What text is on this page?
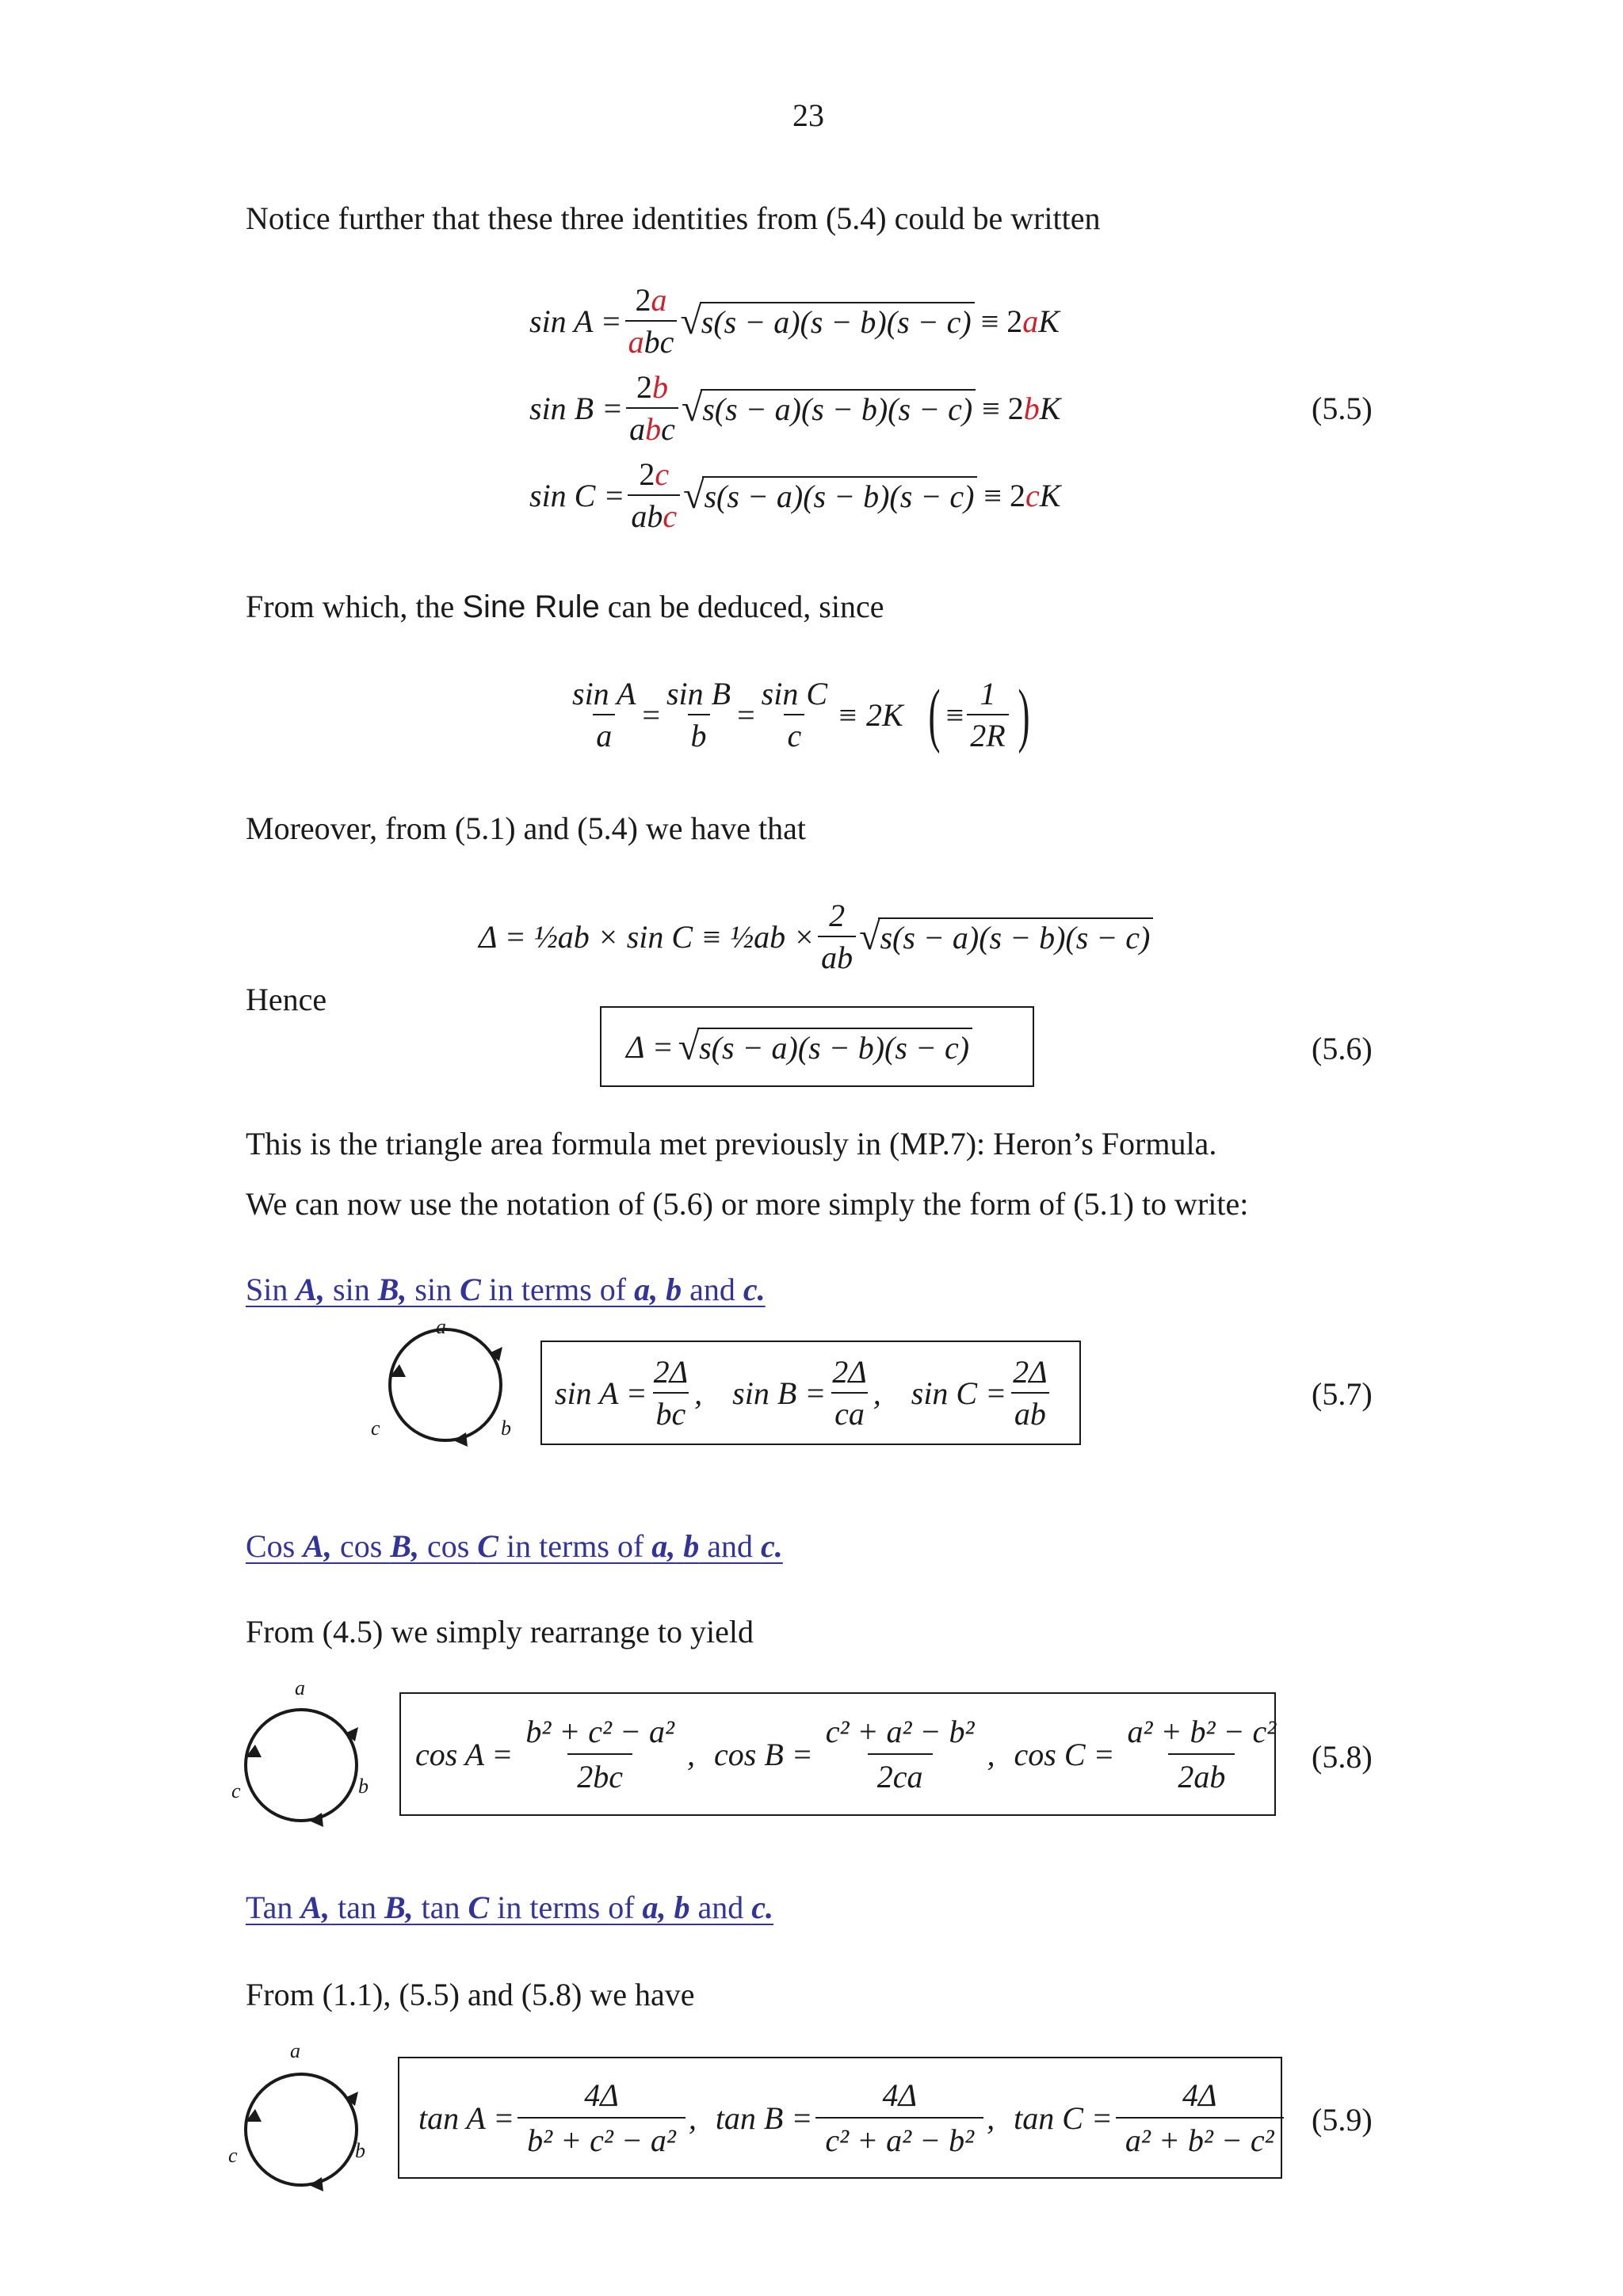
23
Notice further that these three identities from (5.4) could be written
$\sin A = \frac{2a}{\text{abc}}$ √ s(s − a)(s − b)(s − c) ≡ 2 a K
$\sin B = \frac{2b}{\text{abc}}$ √ s(s − a)(s − b)(s − c) ≡ 2 b K
$\sin C = \frac{2c}{\text{abc}}$ √ s(s − a)(s − b)(s − c) ≡ 2 c K
(5.5)
From which, the Sine Rule can be deduced, since
$\frac{\text{sin A}}{a} = \frac{\text{sin B}}{b} = \frac{\text{sin C}}{c} \equiv 2K$ ( ≡ $\frac{1}{2R}$ )
Moreover, from (5.1) and (5.4) we have that
Δ = ½ab × sin C ≡ ½ab × $\frac{2}{ab}$ √ s(s − a)(s − b)(s − c)
Hence
Δ = √ s(s − a)(s − b)(s − c)	(5.6)
This is the triangle area formula met previously in (MP.7): Heron’s Formula.
We can now use the notation of (5.6) or more simply the form of (5.1) to write:
Sin A, sin B, sin C in terms of a, b and c.
a
b
c
$\sin A = \frac{2\Delta}{bc}$ , $\sin B = \frac{2\Delta}{ca}$ , $\sin C = \frac{2\Delta}{ab}$	(5.7)
Cos A, cos B, cos C in terms of a, b and c.
From (4.5) we simply rearrange to yield
a
b
c
$\cos A = \frac{\text{b² + c² − a²}}{2bc}$ , $\cos B = \frac{\text{c² + a² − b²}}{2ca}$ , $\cos C = \frac{\text{a² + b² − c²}}{2ab} (5.8)$
Tan A, tan B, tan C in terms of a, b and c.
From (1.1), (5.5) and (5.8) we have
a
b
c
$\tan A = \frac{4\Delta}{\text{b² + c² − a²}}$ , $\tan B = \frac{4\Delta}{\text{c² + a² − b²}}$ , $\tan C = \frac{4\Delta}{\text{a² + b² − c²}} (5.9)$
